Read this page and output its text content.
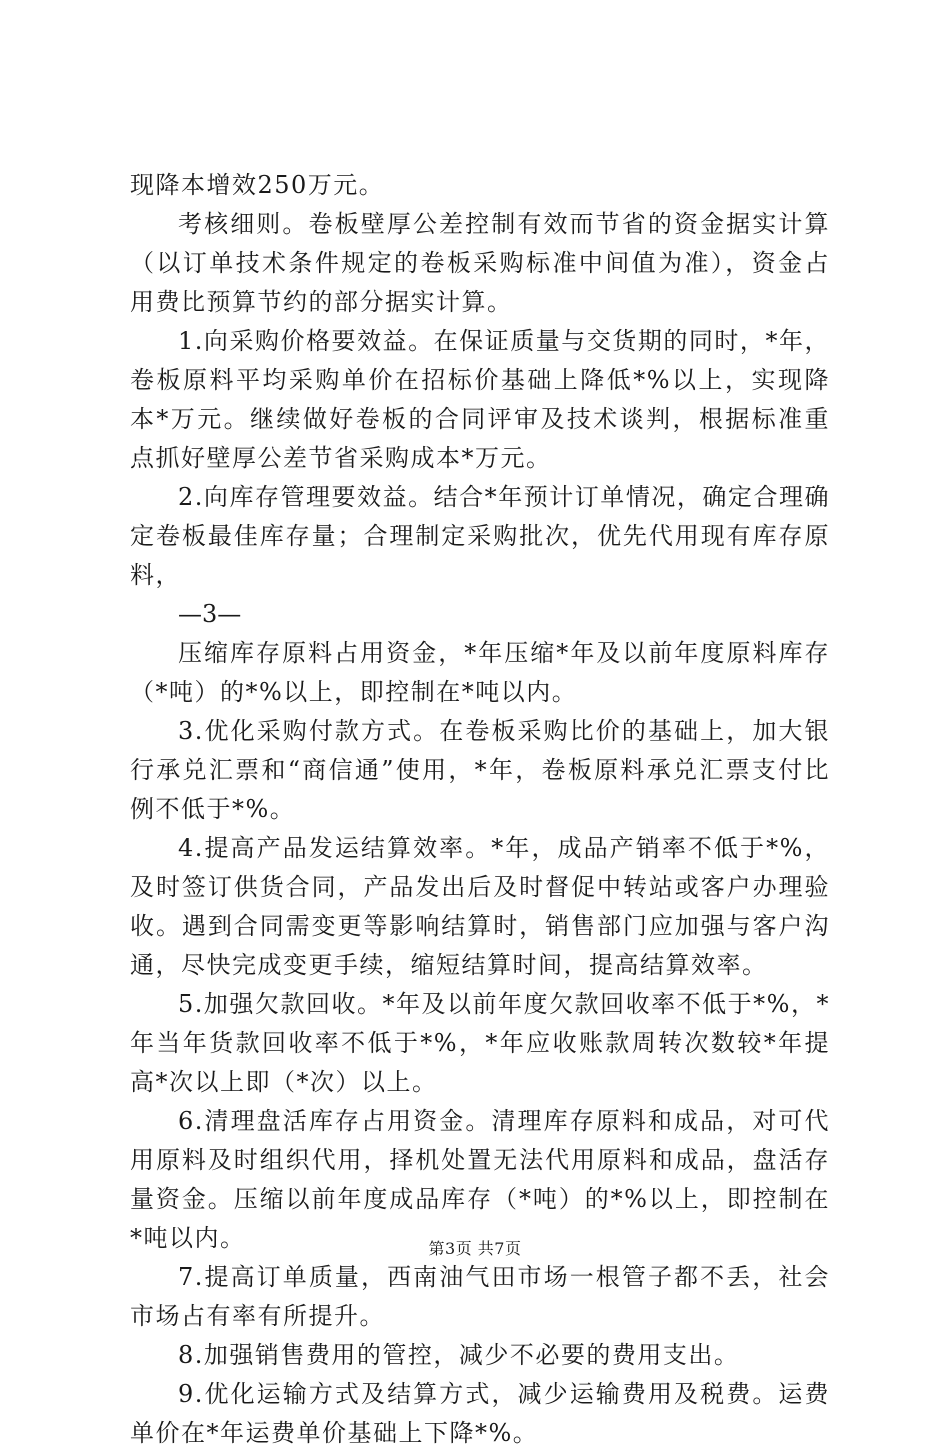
现降本增效250万元。

考核细则。卷板壁厚公差控制有效而节省的资金据实计算（以订单技术条件规定的卷板采购标准中间值为准），资金占用费比预算节约的部分据实计算。

1.向采购价格要效益。在保证质量与交货期的同时，*年，卷板原料平均采购单价在招标价基础上降低*%以上，实现降本*万元。继续做好卷板的合同评审及技术谈判，根据标准重点抓好壁厚公差节省采购成本*万元。

2.向库存管理要效益。结合*年预计订单情况，确定合理确定卷板最佳库存量；合理制定采购批次，优先代用现有库存原料，

—3—

压缩库存原料占用资金，*年压缩*年及以前年度原料库存（*吨）的*%以上，即控制在*吨以内。

3.优化采购付款方式。在卷板采购比价的基础上，加大银行承兑汇票和“商信通”使用，*年，卷板原料承兑汇票支付比例不低于*%。

4.提高产品发运结算效率。*年，成品产销率不低于*%，及时签订供货合同，产品发出后及时督促中转站或客户办理验收。遇到合同需变更等影响结算时，销售部门应加强与客户沟通，尽快完成变更手续，缩短结算时间，提高结算效率。

5.加强欠款回收。*年及以前年度欠款回收率不低于*%，*年当年货款回收率不低于*%，*年应收账款周转次数较*年提高*次以上即（*次）以上。

6.清理盘活库存占用资金。清理库存原料和成品，对可代用原料及时组织代用，择机处置无法代用原料和成品，盘活存量资金。压缩以前年度成品库存（*吨）的*%以上，即控制在*吨以内。

7.提高订单质量，西南油气田市场一根管子都不丢，社会市场占有率有所提升。

8.加强销售费用的管控，减少不必要的费用支出。

9.优化运输方式及结算方式，减少运输费用及税费。运费单价在*年运费单价基础上下降*%。

第3页 共7页
